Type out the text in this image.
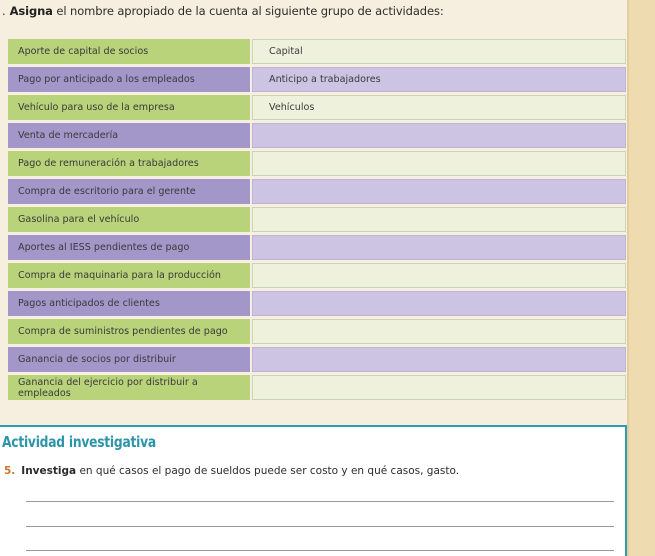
. Asigna el nombre apropiado de la cuenta al siguiente grupo de actividades:
Aporte de capital de socios	Capital
Pago por anticipado a los empleados	Anticipo a trabajadores
Vehículo para uso de la empresa	Vehículos
Venta de mercadería
Pago de remuneración a trabajadores
Compra de escritorio para el gerente
Gasolina para el vehículo
Aportes al IESS pendientes de pago
Compra de maquinaria para la producción
Pagos anticipados de clientes
Compra de suministros pendientes de pago
Ganancia de socios por distribuir
Ganancia del ejercicio por distribuir a empleados
Actividad investigativa
5. Investiga en qué casos el pago de sueldos puede ser costo y en qué casos, gasto.
